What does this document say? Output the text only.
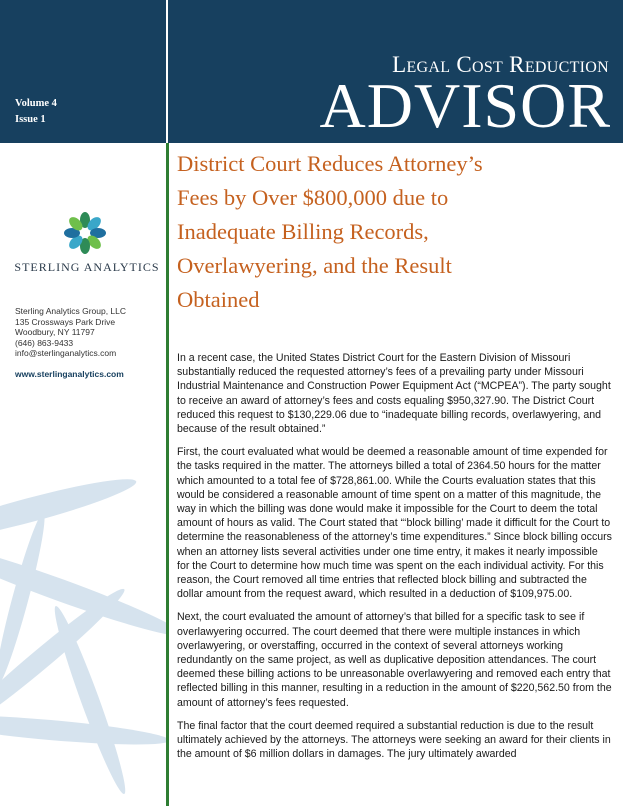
Volume 4
Issue 1
Legal Cost Reduction
ADVISOR
STERLING ANALYTICS
Sterling Analytics Group, LLC
135 Crossways Park Drive
Woodbury, NY 11797
(646) 863-9433
info@sterlinganalytics.com
www.sterlinganalytics.com
District Court Reduces Attorney’s
Fees by Over $800,000 due to
Inadequate Billing Records,
Overlawyering, and the Result
Obtained

In a recent case, the United States District Court for the Eastern Division of Missouri substantially reduced the requested attorney’s fees of a prevailing party under Missouri Industrial Maintenance and Construction Power Equipment Act (“MCPEA”). The party sought to receive an award of attorney’s fees and costs equaling $950,327.90. The District Court reduced this request to $130,229.06 due to “inadequate billing records, overlawyering, and because of the result obtained.”

First, the court evaluated what would be deemed a reasonable amount of time expended for the tasks required in the matter. The attorneys billed a total of 2364.50 hours for the matter which amounted to a total fee of $728,861.00. While the Courts evaluation states that this would be considered a reasonable amount of time spent on a matter of this magnitude, the way in which the billing was done would make it impossible for the Court to deem the total amount of hours as valid. The Court stated that “‘block billing’ made it difficult for the Court to determine the reasonableness of the attorney’s time expenditures.” Since block billing occurs when an attorney lists several activities under one time entry, it makes it nearly impossible for the Court to determine how much time was spent on the each individual activity. For this reason, the Court removed all time entries that reflected block billing and subtracted the dollar amount from the request award, which resulted in a deduction of $109,975.00.

Next, the court evaluated the amount of attorney’s that billed for a specific task to see if overlawyering occurred. The court deemed that there were multiple instances in which overlawyering, or overstaffing, occurred in the context of several attorneys working redundantly on the same project, as well as duplicative deposition attendances. The court deemed these billing actions to be unreasonable overlawyering and removed each entry that reflected billing in this manner, resulting in a reduction in the amount of $220,562.50 from the amount of attorney’s fees requested.

The final factor that the court deemed required a substantial reduction is due to the result ultimately achieved by the attorneys. The attorneys were seeking an award for their clients in the amount of $6 million dollars in damages. The jury ultimately awarded
